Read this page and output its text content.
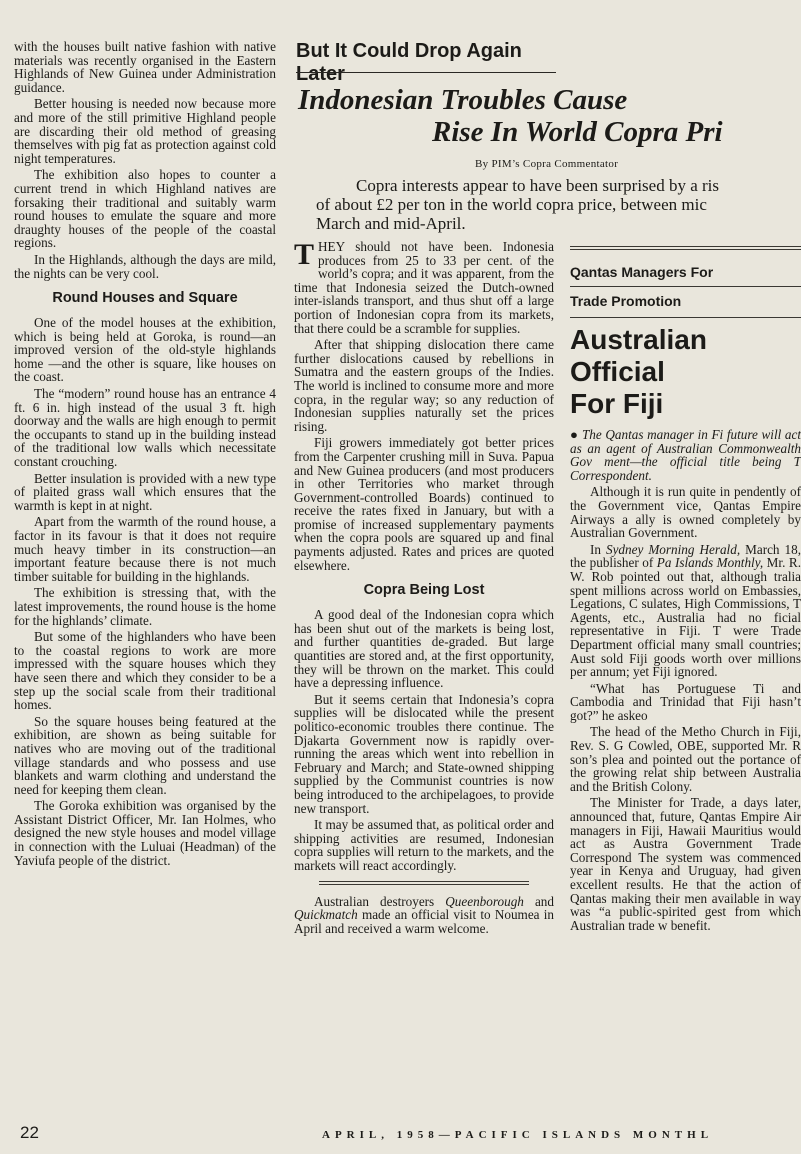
with the houses built native fashion with native materials was recently organised in the Eastern Highlands of New Guinea under Administration guidance.

Better housing is needed now because more and more of the still primitive Highland people are discarding their old method of greasing themselves with pig fat as protection against cold night temperatures.

The exhibition also hopes to counter a current trend in which Highland natives are forsaking their traditional and suitably warm round houses to emulate the square and more draughty houses of the people of the coastal regions.

In the Highlands, although the days are mild, the nights can be very cool.

Round Houses and Square

One of the model houses at the exhibition, which is being held at Goroka, is round—an improved version of the old-style highlands home —and the other is square, like houses on the coast.

The “modern” round house has an entrance 4 ft. 6 in. high instead of the usual 3 ft. high doorway and the walls are high enough to permit the occupants to stand up in the building instead of the traditional low walls which necessitate constant crouching.

Better insulation is provided with a new type of plaited grass wall which ensures that the warmth is kept in at night.

Apart from the warmth of the round house, a factor in its favour is that it does not require much heavy timber in its construction—an important feature because there is not much timber suitable for building in the highlands.

The exhibition is stressing that, with the latest improvements, the round house is the home for the highlands’ climate.

But some of the highlanders who have been to the coastal regions to work are more impressed with the square houses which they have seen there and which they consider to be a step up the social scale from their traditional homes.

So the square houses being featured at the exhibition, are shown as being suitable for natives who are moving out of the traditional village standards and who possess and use blankets and warm clothing and understand the need for keeping them clean.

The Goroka exhibition was organised by the Assistant District Officer, Mr. Ian Holmes, who designed the new style houses and model village in connection with the Luluai (Headman) of the Yaviufa people of the district.

But It Could Drop Again Later
Indonesian Troubles Cause
Rise In World Copra Pri
By PIM’s Copra Commentator
Copra interests appear to have been surprised by a ris
of about £2 per ton in the world copra price, between mic
March and mid-April.

THEY should not have been. Indonesia produces from 25 to 33 per cent. of the world’s copra; and it was apparent, from the time that Indonesia seized the Dutch-owned inter-islands transport, and thus shut off a large portion of Indonesian copra from its markets, that there could be a scramble for supplies.

After that shipping dislocation there came further dislocations caused by rebellions in Sumatra and the eastern groups of the Indies. The world is inclined to consume more and more copra, in the regular way; so any reduction of Indonesian supplies naturally set the prices rising.

Fiji growers immediately got better prices from the Carpenter crushing mill in Suva. Papua and New Guinea producers (and most producers in other Territories who market through Government-controlled Boards) continued to receive the rates fixed in January, but with a promise of increased supplementary payments when the copra pools are squared up and final payments adjusted. Rates and prices are quoted elsewhere.

Copra Being Lost

A good deal of the Indonesian copra which has been shut out of the markets is being lost, and further quantities de-graded. But large quantities are stored and, at the first opportunity, they will be thrown on the market. This could have a depressing influence.

But it seems certain that Indonesia’s copra supplies will be dislocated while the present politico-economic troubles there continue. The Djakarta Government now is rapidly over-running the areas which went into rebellion in February and March; and State-owned shipping supplied by the Communist countries is now being introduced to the archipelagoes, to provide new transport.

It may be assumed that, as political order and shipping activities are resumed, Indonesian copra supplies will return to the markets, and the markets will react accordingly.

Australian destroyers Queenborough and Quickmatch made an official visit to Noumea in April and received a warm welcome.

Qantas Managers For
Trade Promotion
Australian Official
For Fiji

● The Qantas manager in Fi future will act as an agent of Australian Commonwealth Gov ment—the official title being T Correspondent.

Although it is run quite in pendently of the Government vice, Qantas Empire Airways a ally is owned completely by Australian Government.

In Sydney Morning Herald, March 18, the publisher of Pa Islands Monthly, Mr. R. W. Rob pointed out that, although tralia spent millions across world on Embassies, Legations, C sulates, High Commissions, T Agents, etc., Australia had no ficial representative in Fiji. T were Trade Department official many small countries; Aust sold Fiji goods worth over millions per annum; yet Fiji ignored.

“What has Portuguese Ti and Cambodia and Trinidad that Fiji hasn’t got?” he askeo

The head of the Metho Church in Fiji, Rev. S. G Cowled, OBE, supported Mr. R son’s plea and pointed out the portance of the growing relat ship between Australia and the British Colony.

The Minister for Trade, a days later, announced that, future, Qantas Empire Air managers in Fiji, Hawaii Mauritius would act as Austra Government Trade Correspond The system was commenced year in Kenya and Uruguay, had given excellent results. He that the action of Qantas making their men available in way was “a public-spirited gest from which Australian trade w benefit.

22	APRIL, 1958—PACIFIC ISLANDS MONTHL
